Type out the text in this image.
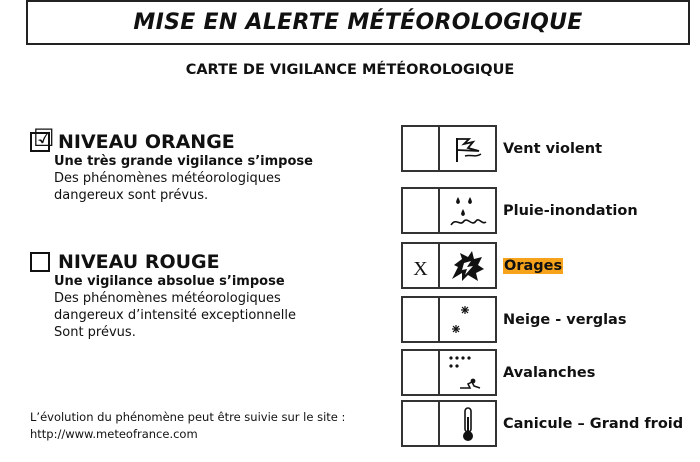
MISE EN ALERTE MÉTÉOROLOGIQUE
CARTE DE VIGILANCE MÉTÉOROLOGIQUE
☑ NIVEAU ORANGE
Une très grande vigilance s’impose
Des phénomènes météorologiques
dangereux sont prévus.
NIVEAU ROUGE
Une vigilance absolue s’impose
Des phénomènes météorologiques
dangereux d’intensité exceptionnelle
Sont prévus.
Vent violent
Pluie-inondation
X	Orages
Neige - verglas
Avalanches
Canicule – Grand froid
L’évolution du phénomène peut être suivie sur le site :
http://www.meteofrance.com
